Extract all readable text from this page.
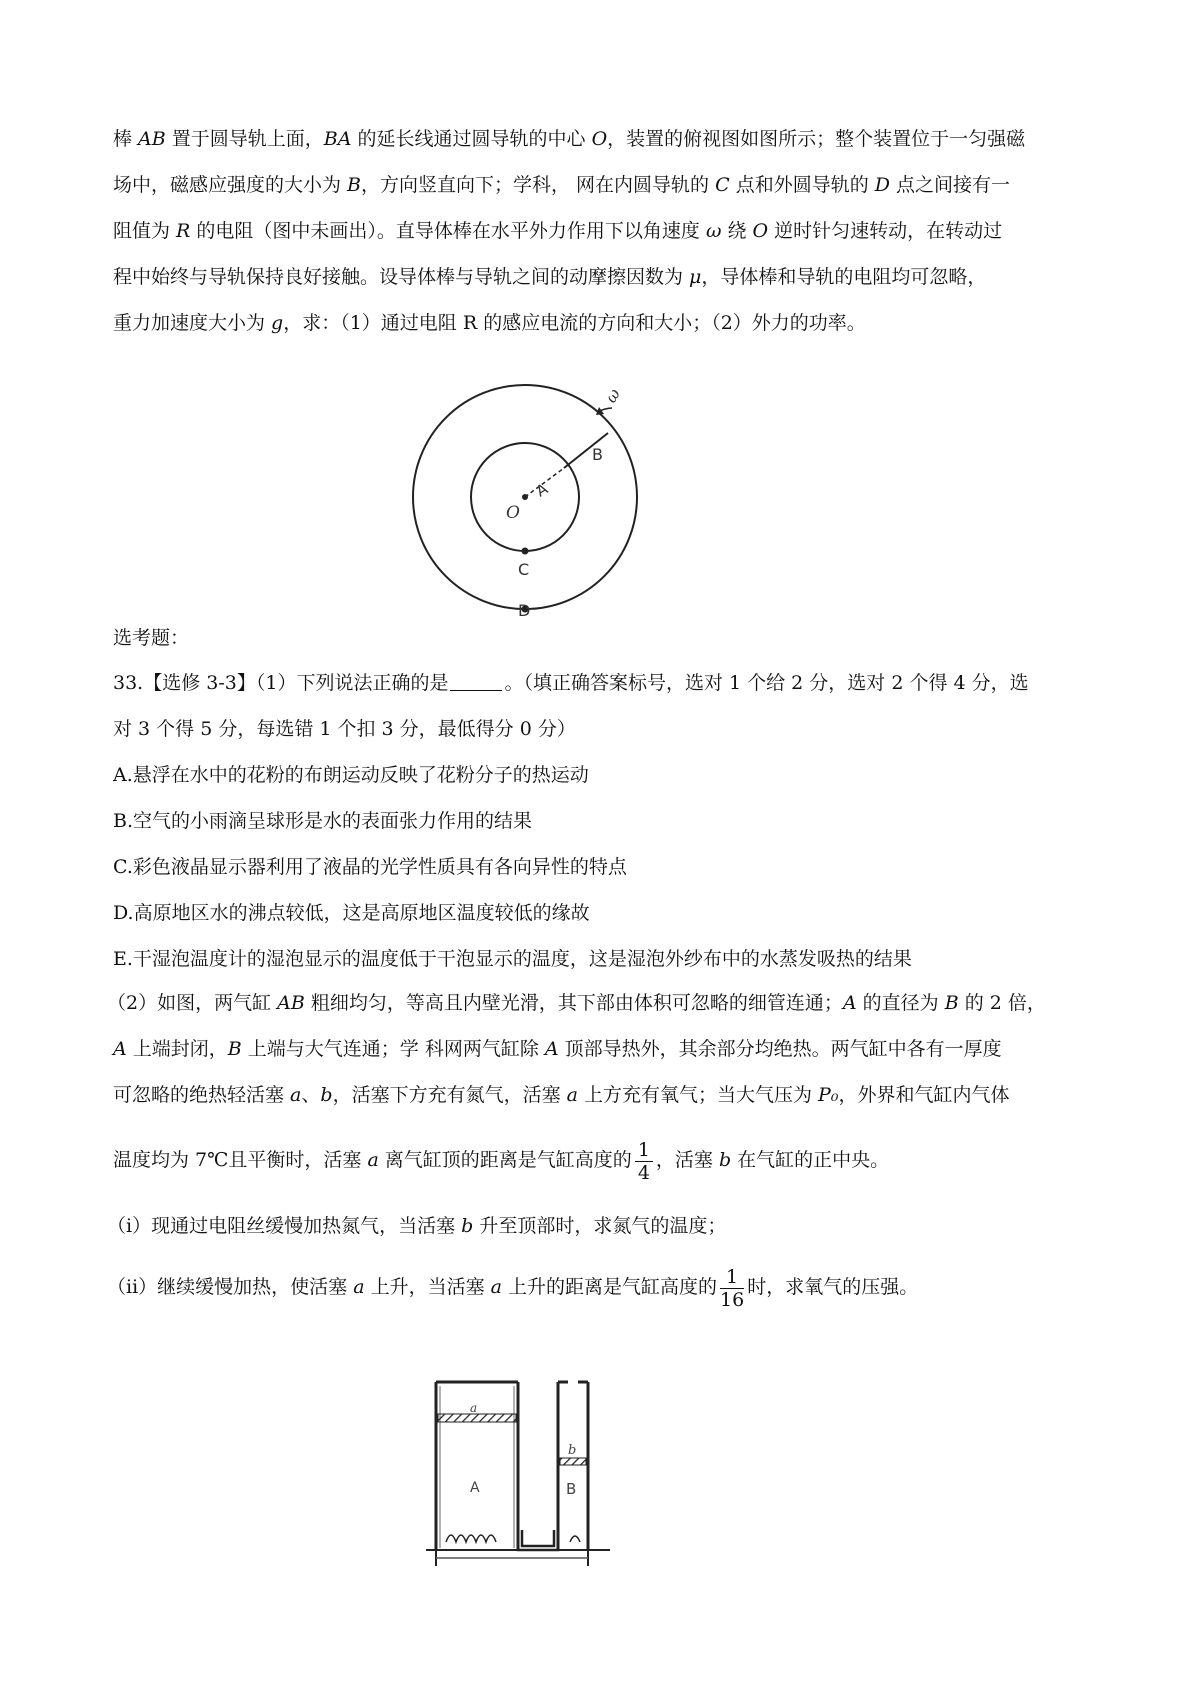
棒 AB 置于圆导轨上面，BA 的延长线通过圆导轨的中心 O，装置的俯视图如图所示；整个装置位于一匀强磁
场中，磁感应强度的大小为 B，方向竖直向下；学科， 网在内圆导轨的 C 点和外圆导轨的 D 点之间接有一
阻值为 R 的电阻（图中未画出）。直导体棒在水平外力作用下以角速度 ω 绕 O 逆时针匀速转动，在转动过
程中始终与导轨保持良好接触。设导体棒与导轨之间的动摩擦因数为 μ，导体棒和导轨的电阻均可忽略，
重力加速度大小为 g，求：（1）通过电阻 R 的感应电流的方向和大小；（2）外力的功率。
ω
B
A
O
C
D
选考题：
33.【选修 3-3】（1）下列说法正确的是	。（填正确答案标号，选对 1 个给 2 分，选对 2 个得 4 分，选
对 3 个得 5 分，每选错 1 个扣 3 分，最低得分 0 分）
A.悬浮在水中的花粉的布朗运动反映了花粉分子的热运动
B.空气的小雨滴呈球形是水的表面张力作用的结果
C.彩色液晶显示器利用了液晶的光学性质具有各向异性的特点
D.高原地区水的沸点较低，这是高原地区温度较低的缘故
E.干湿泡温度计的湿泡显示的温度低于干泡显示的温度，这是湿泡外纱布中的水蒸发吸热的结果
（2）如图，两气缸 AB 粗细均匀，等高且内壁光滑，其下部由体积可忽略的细管连通；A 的直径为 B 的 2 倍，
A 上端封闭，B 上端与大气连通；学 科网两气缸除 A 顶部导热外，其余部分均绝热。两气缸中各有一厚度
可忽略的绝热轻活塞 a、b，活塞下方充有氮气，活塞 a 上方充有氧气；当大气压为 P₀，外界和气缸内气体
温度均为 7℃且平衡时，活塞 a 离气缸顶的距离是气缸高度的 $\frac{1}{4}$ ，活塞 b 在气缸的正中央。
（ⅰ）现通过电阻丝缓慢加热氮气，当活塞 b 升至顶部时，求氮气的温度；
（ⅱ）继续缓慢加热，使活塞 a 上升，当活塞 a 上升的距离是气缸高度的 $\frac{1}{16}$ 时，求氧气的压强。
a
b
A	B
